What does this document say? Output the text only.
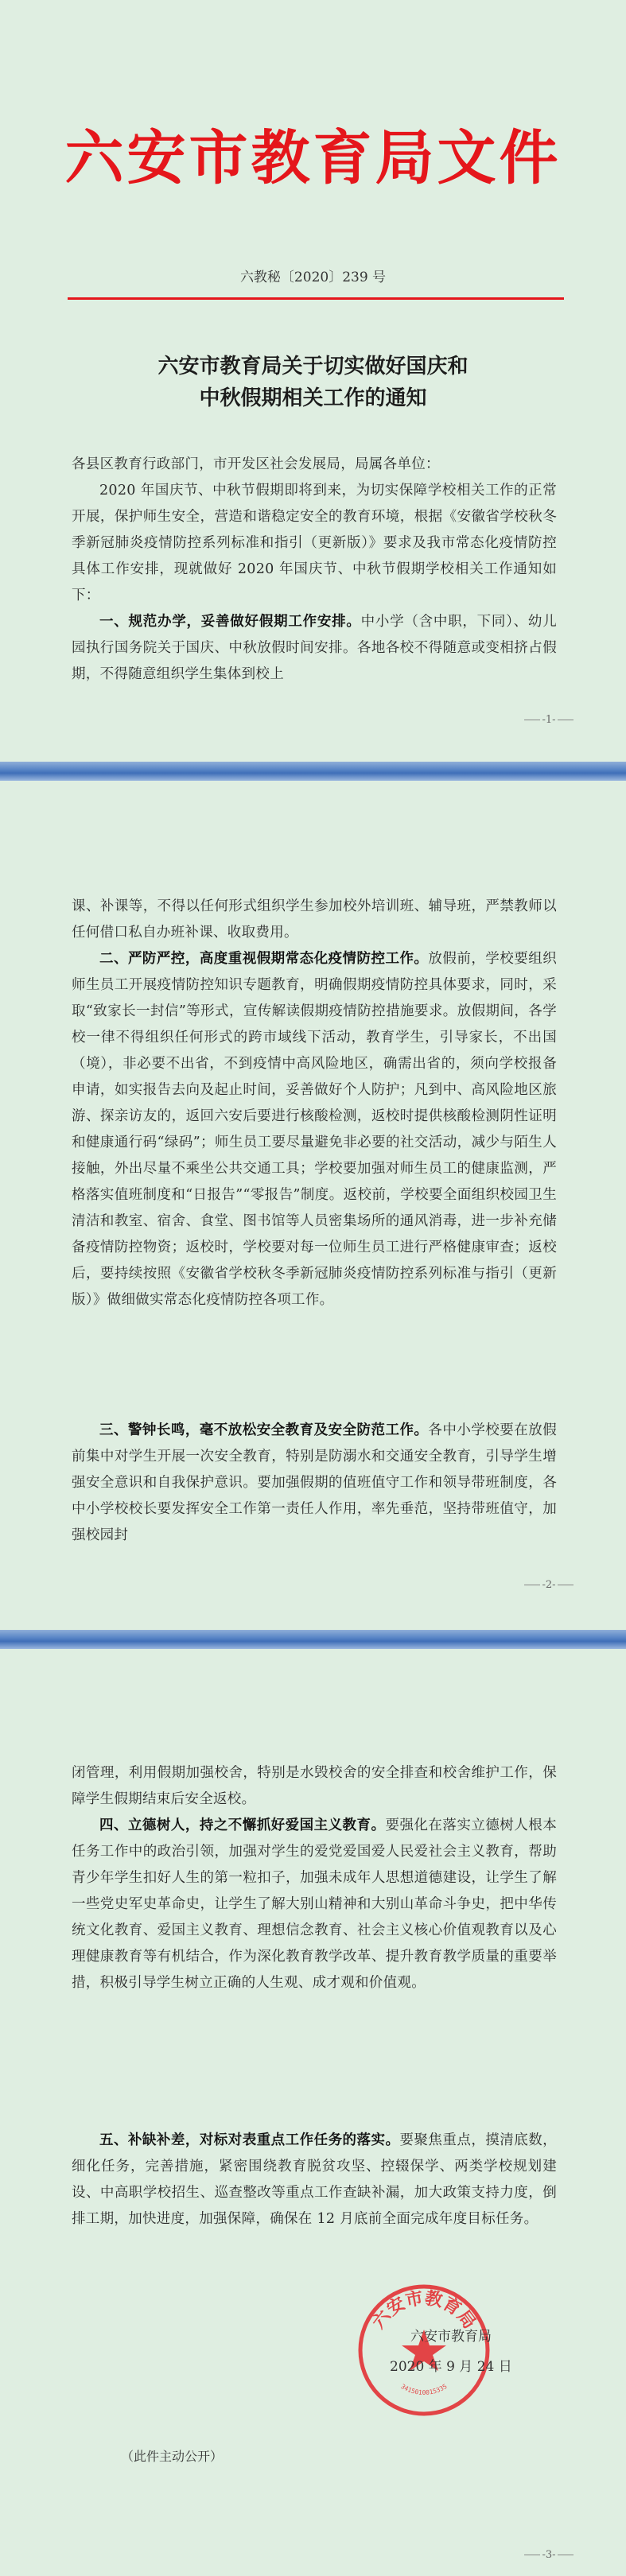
六安市教育局文件
六教秘〔2020〕239 号
六安市教育局关于切实做好国庆和
中秋假期相关工作的通知
各县区教育行政部门，市开发区社会发展局，局属各单位：
2020 年国庆节、中秋节假期即将到来，为切实保障学校相关工作的正常开展，保护师生安全，营造和谐稳定安全的教育环境，根据《安徽省学校秋冬季新冠肺炎疫情防控系列标准和指引（更新版）》要求及我市常态化疫情防控具体工作安排，现就做好 2020 年国庆节、中秋节假期学校相关工作通知如下：
一、规范办学，妥善做好假期工作安排。中小学（含中职，下同）、幼儿园执行国务院关于国庆、中秋放假时间安排。各地各校不得随意或变相挤占假期，不得随意组织学生集体到校上
-1-
课、补课等，不得以任何形式组织学生参加校外培训班、辅导班，严禁教师以任何借口私自办班补课、收取费用。
二、严防严控，高度重视假期常态化疫情防控工作。放假前，学校要组织师生员工开展疫情防控知识专题教育，明确假期疫情防控具体要求，同时，采取“致家长一封信”等形式，宣传解读假期疫情防控措施要求。放假期间，各学校一律不得组织任何形式的跨市域线下活动，教育学生，引导家长，不出国（境），非必要不出省，不到疫情中高风险地区，确需出省的，须向学校报备申请，如实报告去向及起止时间，妥善做好个人防护；凡到中、高风险地区旅游、探亲访友的，返回六安后要进行核酸检测，返校时提供核酸检测阴性证明和健康通行码“绿码”；师生员工要尽量避免非必要的社交活动，减少与陌生人接触，外出尽量不乘坐公共交通工具；学校要加强对师生员工的健康监测，严格落实值班制度和“日报告”“零报告”制度。返校前，学校要全面组织校园卫生清洁和教室、宿舍、食堂、图书馆等人员密集场所的通风消毒，进一步补充储备疫情防控物资；返校时，学校要对每一位师生员工进行严格健康审查；返校后，要持续按照《安徽省学校秋冬季新冠肺炎疫情防控系列标准与指引（更新版）》做细做实常态化疫情防控各项工作。
三、警钟长鸣，毫不放松安全教育及安全防范工作。各中小学校要在放假前集中对学生开展一次安全教育，特别是防溺水和交通安全教育，引导学生增强安全意识和自我保护意识。要加强假期的值班值守工作和领导带班制度，各中小学校校长要发挥安全工作第一责任人作用，率先垂范，坚持带班值守，加强校园封
-2-
闭管理，利用假期加强校舍，特别是水毁校舍的安全排查和校舍维护工作，保障学生假期结束后安全返校。
四、立德树人，持之不懈抓好爱国主义教育。要强化在落实立德树人根本任务工作中的政治引领，加强对学生的爱党爱国爱人民爱社会主义教育，帮助青少年学生扣好人生的第一粒扣子，加强未成年人思想道德建设，让学生了解一些党史军史革命史，让学生了解大别山精神和大别山革命斗争史，把中华传统文化教育、爱国主义教育、理想信念教育、社会主义核心价值观教育以及心理健康教育等有机结合，作为深化教育教学改革、提升教育教学质量的重要举措，积极引导学生树立正确的人生观、成才观和价值观。
五、补缺补差，对标对表重点工作任务的落实。要聚焦重点，摸清底数，细化任务，完善措施，紧密围绕教育脱贫攻坚、控辍保学、两类学校规划建设、中高职学校招生、巡查整改等重点工作查缺补漏，加大政策支持力度，倒排工期，加快进度，加强保障，确保在 12 月底前全面完成年度目标任务。
六安市教育局
3415010015335
六安市教育局
2020 年 9 月 24 日
（此件主动公开）
-3-
